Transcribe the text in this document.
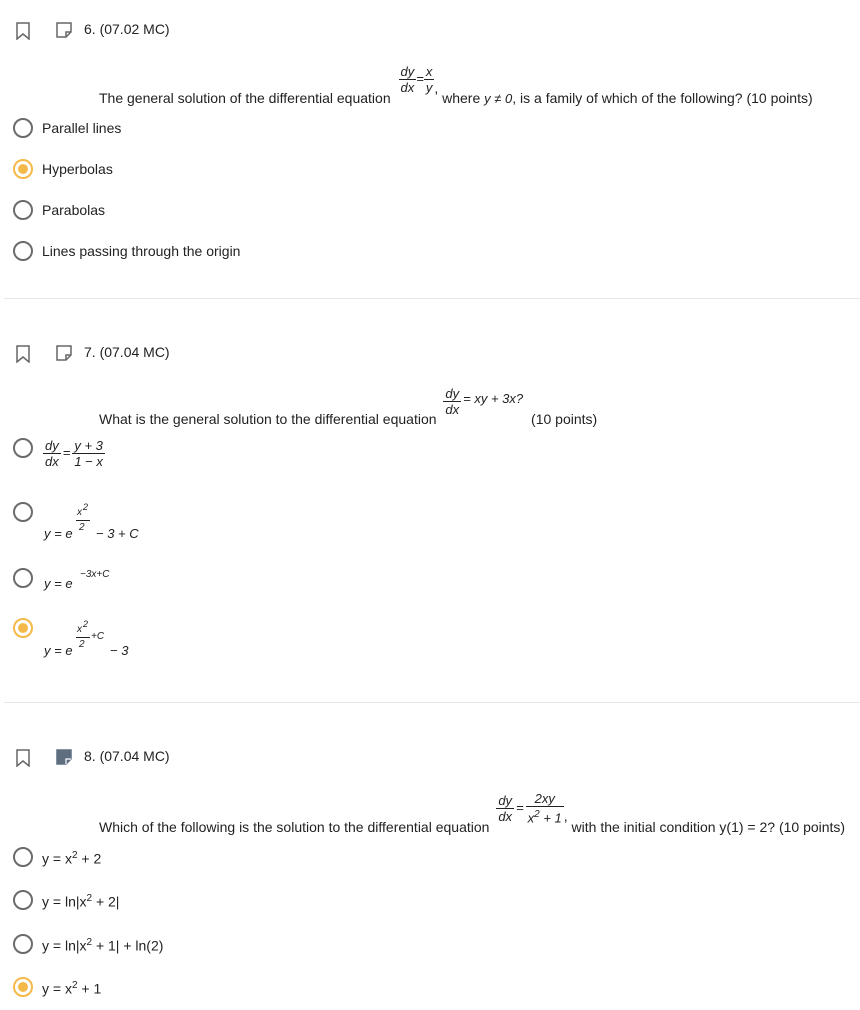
6. (07.02 MC)
The general solution of the differential equation
$\frac{dy}{dx} = \frac{x}{y}$ , where y ≠ 0, is a family of which of the following? (10 points)
Parallel lines
Hyperbolas
Parabolas
Lines passing through the origin
7. (07.04 MC)
What is the general solution to the differential equation
$\frac{dy}{dx}$ = xy + 3x? (10 points)
$\frac{dy}{dx} = \frac{y + 3}{1 - x}$
x 2
2
y = e − 3 + C
y = e
−3x+C
x 2
2
+C
y = e	− 3
8. (07.04 MC)
Which of the following is the solution to the differential equation
$\frac{dy}{dx} = \frac{2xy}{x^2 + 1}$ , with the initial condition y(1) = 2? (10 points)
$y = x^2 + 2$
$y = \ln|x^2 + 2|$
$y = \ln|x^2 + 1| + \ln(2)$
$y = x^2 + 1$
